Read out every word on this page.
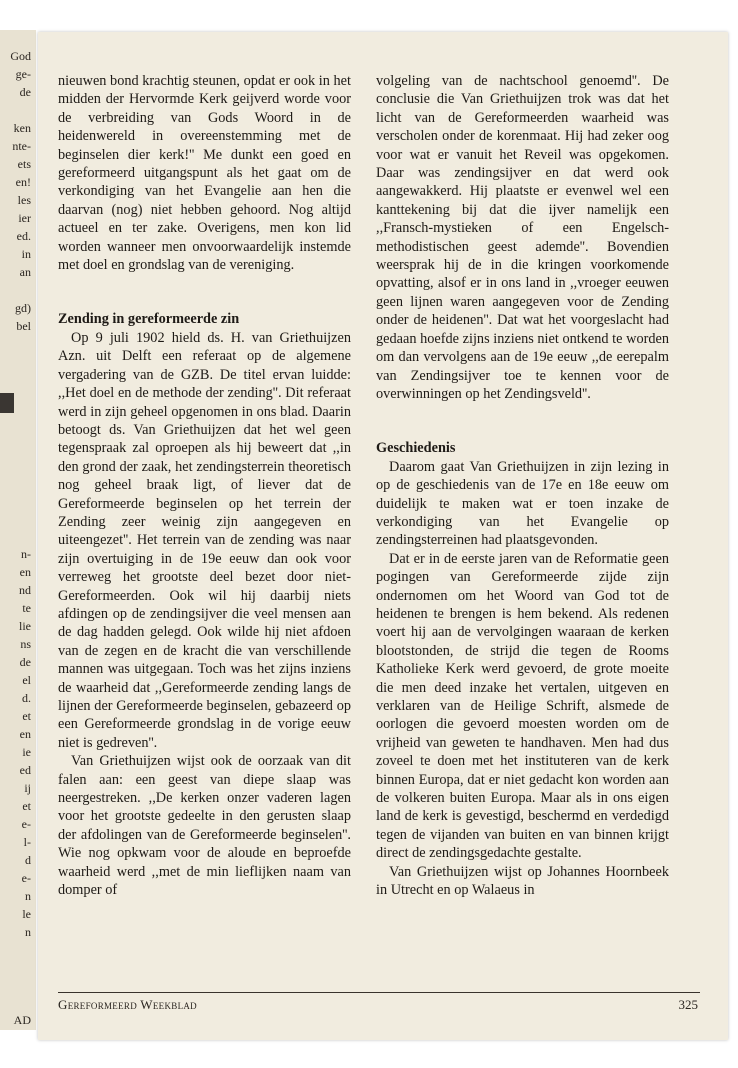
God
ge-
de
ken
nte-
ets
en!
les
ier
ed.
in
an
gd)
bel
n-
en
nd
te
lie
ns
de
el
d.
et
en
ie
ed
ij
et
e-
l-
d
e-
n
le
n
AD

nieuwen bond krachtig steunen, opdat er ook in het midden der Hervormde Kerk geijverd worde voor de verbreiding van Gods Woord in de heidenwereld in overeenstemming met de beginselen dier kerk!'' Me dunkt een goed en gereformeerd uitgangspunt als het gaat om de verkondiging van het Evangelie aan hen die daarvan (nog) niet hebben gehoord. Nog altijd actueel en ter zake. Overigens, men kon lid worden wanneer men onvoorwaardelijk instemde met doel en grondslag van de vereniging.

Zending in gereformeerde zin

Op 9 juli 1902 hield ds. H. van Griethuijzen Azn. uit Delft een referaat op de algemene vergadering van de GZB. De titel ervan luidde: ,,Het doel en de methode der zending''. Dit referaat werd in zijn geheel opgenomen in ons blad. Daarin betoogt ds. Van Griethuijzen dat het wel geen tegenspraak zal oproepen als hij beweert dat ,,in den grond der zaak, het zendingsterrein theoretisch nog geheel braak ligt, of liever dat de Gereformeerde beginselen op het terrein der Zending zeer weinig zijn aangegeven en uiteengezet''. Het terrein van de zending was naar zijn overtuiging in de 19e eeuw dan ook voor verreweg het grootste deel bezet door niet-Gereformeerden. Ook wil hij daarbij niets afdingen op de zendingsijver die veel mensen aan de dag hadden gelegd. Ook wilde hij niet afdoen van de zegen en de kracht die van verschillende mannen was uitgegaan. Toch was het zijns inziens de waarheid dat ,,Gereformeerde zending langs de lijnen der Gereformeerde beginselen, gebazeerd op een Gereformeerde grondslag in de vorige eeuw niet is gedreven''.

Van Griethuijzen wijst ook de oorzaak van dit falen aan: een geest van diepe slaap was neergestreken. ,,De kerken onzer vaderen lagen voor het grootste gedeelte in den gerusten slaap der afdolingen van de Gereformeerde beginselen''. Wie nog opkwam voor de aloude en beproefde waarheid werd ,,met de min lieflijken naam van domper of

volgeling van de nachtschool genoemd''. De conclusie die Van Griethuijzen trok was dat het licht van de Gereformeerden waarheid was verscholen onder de korenmaat. Hij had zeker oog voor wat er vanuit het Reveil was opgekomen. Daar was zendingsijver en dat werd ook aangewakkerd. Hij plaatste er evenwel wel een kanttekening bij dat die ijver namelijk een ,,Fransch-mystieken of een Engelsch-methodistischen geest ademde''. Bovendien weersprak hij de in die kringen voorkomende opvatting, alsof er in ons land in ,,vroeger eeuwen geen lijnen waren aangegeven voor de Zending onder de heidenen''. Dat wat het voorgeslacht had gedaan hoefde zijns inziens niet ontkend te worden om dan vervolgens aan de 19e eeuw ,,de eerepalm van Zendingsijver toe te kennen voor de overwinningen op het Zendingsveld''.

Geschiedenis

Daarom gaat Van Griethuijzen in zijn lezing in op de geschiedenis van de 17e en 18e eeuw om duidelijk te maken wat er toen inzake de verkondiging van het Evangelie op zendingsterreinen had plaatsgevonden.

Dat er in de eerste jaren van de Reformatie geen pogingen van Gereformeerde zijde zijn ondernomen om het Woord van God tot de heidenen te brengen is hem bekend. Als redenen voert hij aan de vervolgingen waaraan de kerken blootstonden, de strijd die tegen de Rooms Katholieke Kerk werd gevoerd, de grote moeite die men deed inzake het vertalen, uitgeven en verklaren van de Heilige Schrift, alsmede de oorlogen die gevoerd moesten worden om de vrijheid van geweten te handhaven. Men had dus zoveel te doen met het instituteren van de kerk binnen Europa, dat er niet gedacht kon worden aan de volkeren buiten Europa. Maar als in ons eigen land de kerk is gevestigd, beschermd en verdedigd tegen de vijanden van buiten en van binnen krijgt direct de zendingsgedachte gestalte.

Van Griethuijzen wijst op Johannes Hoornbeek in Utrecht en op Walaeus in

Gereformeerd Weekblad	325
